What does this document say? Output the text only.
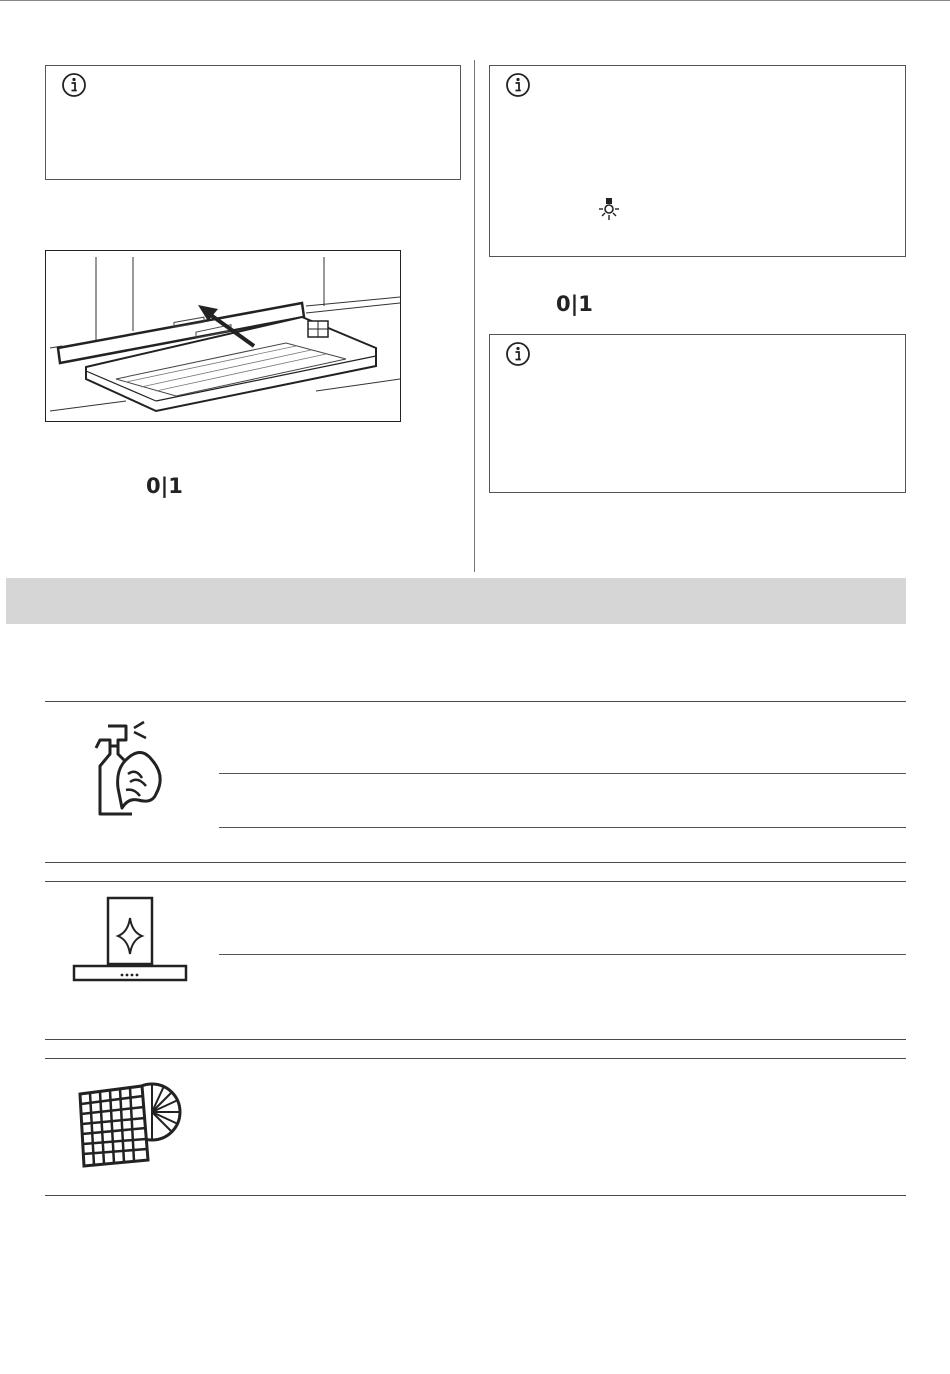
0|1
0|1
